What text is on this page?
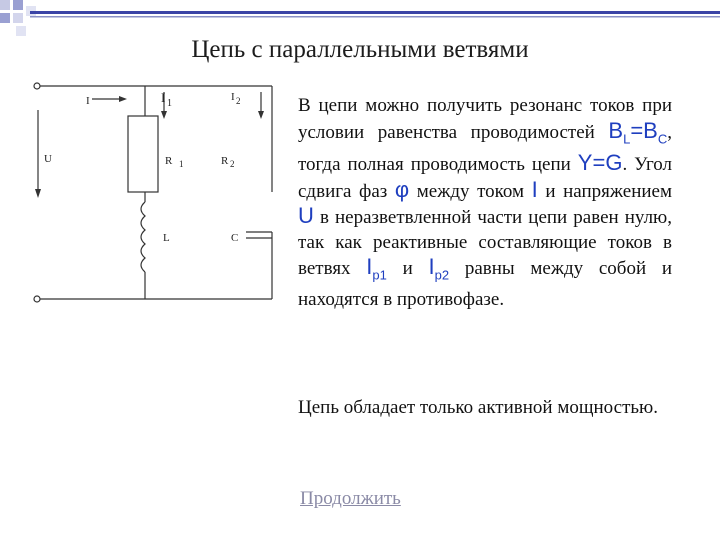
Цепь с параллельными ветвями
I	I 1
I 2
U	R 1	R 2
L	C
В цепи можно получить резонанс токов при условии равенства проводимостей $B_L=B_C$, тогда полная проводимость цепи Y=G. Угол сдвига фаз φ между током I и напряжением U в неразветвленной части цепи равен нулю, так как реактивные составляющие токов в ветвях $I_{p1}$ и $I_{p2}$ равны между собой и находятся в противофазе.
Цепь обладает только активной мощностью.
Продолжить
